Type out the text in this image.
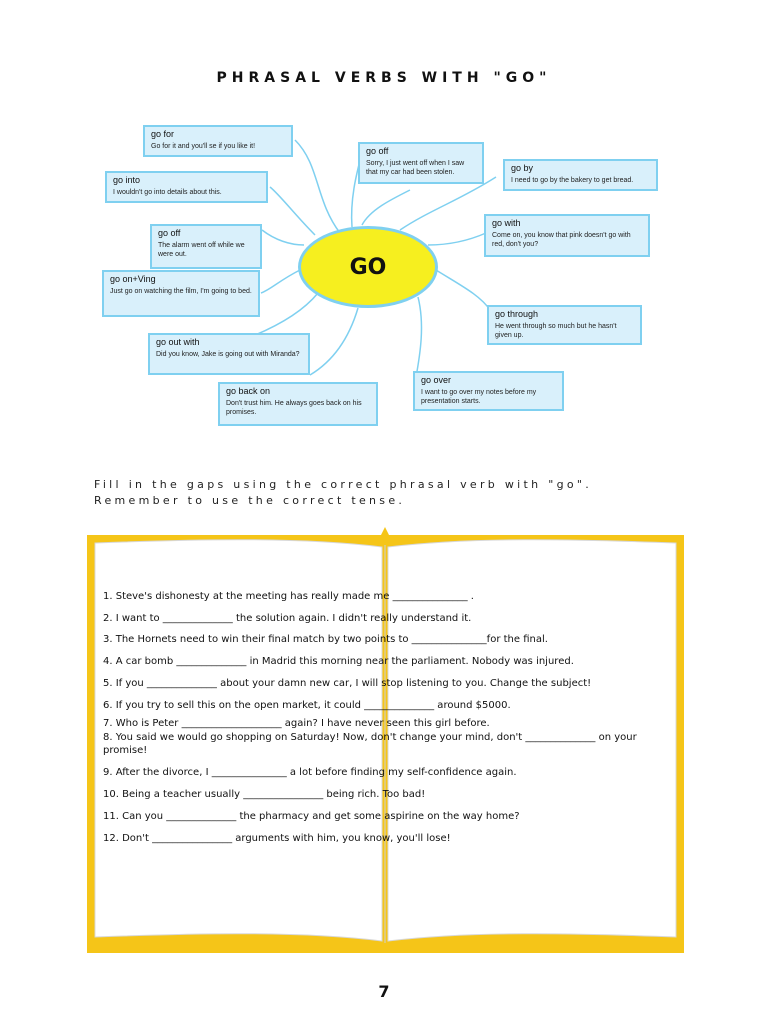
PHRASAL VERBS WITH "GO"
go for
Go for it and you'll se if you like it!	go off
Sorry, I just went off when I saw that my car had been stolen.	go by
I need to go by the bakery to get bread.
go into
I wouldn't go into details about this.
go with
Come on, you know that pink doesn't go with red, don't you?
go off
The alarm went off while we were out.
go on+Ving
Just go on watching the film, I'm going to bed.
go through
He went through so much but he hasn't given up.
go out with
Did you know, Jake is going out with Miranda?
go over
I want to go over my notes before my presentation starts.
go back on
Don't trust him. He always goes back on his promises.
GO
Fill in the gaps using the correct phrasal verb with "go".
Remember to use the correct tense.

1. Steve's dishonesty at the meeting has really made me _______________ .

2. I want to ______________ the solution again. I didn't really understand it.

3. The Hornets need to win their final match by two points to _______________for the final.

4. A car bomb ______________ in Madrid this morning near the parliament. Nobody was injured.

5. If you ______________ about your damn new car, I will stop listening to you. Change the subject!

6. If you try to sell this on the open market, it could ______________ around $5000.

7. Who is Peter ____________________ again? I have never seen this girl before.

8. You said we would go shopping on Saturday! Now, don't change your mind, don't ______________ on your promise!

9. After the divorce, I _______________ a lot before finding my self-confidence again.

10. Being a teacher usually ________________ being rich. Too bad!

11. Can you ______________ the pharmacy and get some aspirine on the way home?

12. Don't ________________ arguments with him, you know, you'll lose!

7
